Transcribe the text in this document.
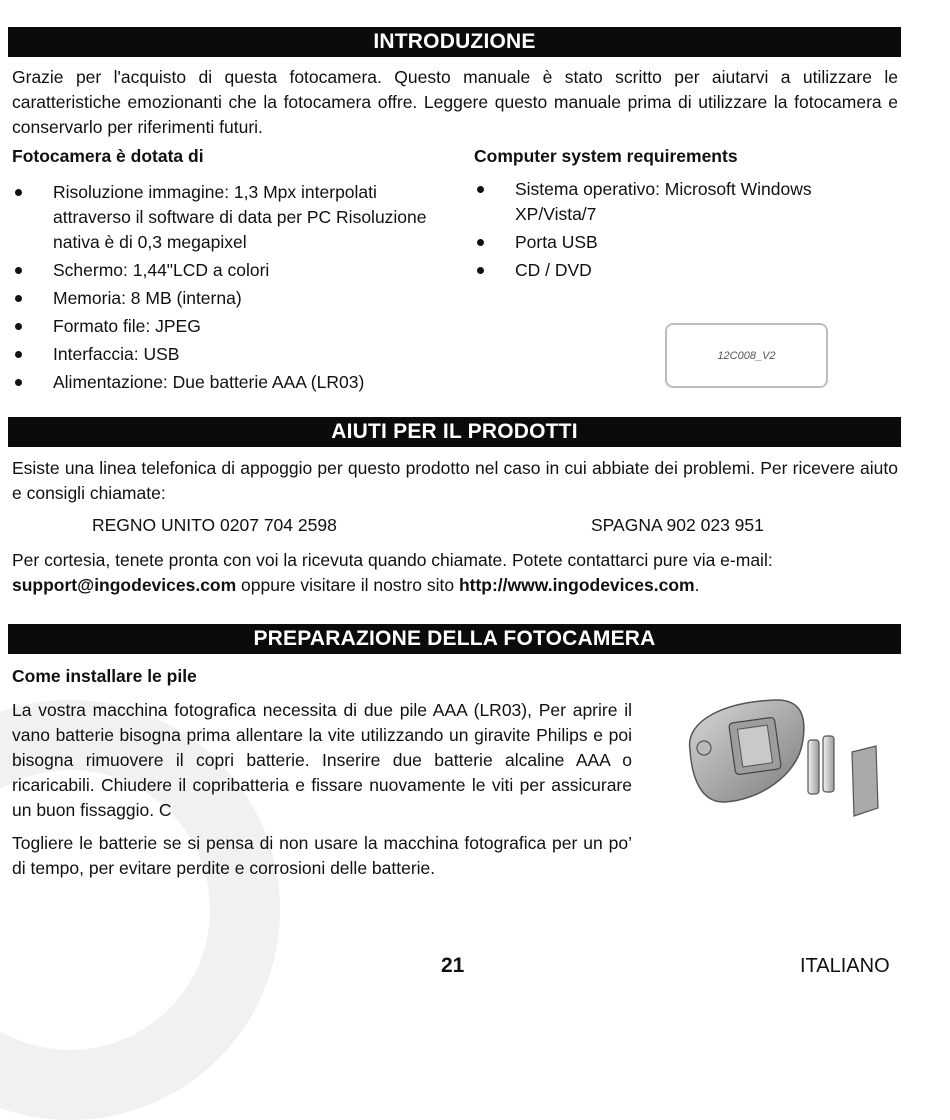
INTRODUZIONE

Grazie per l'acquisto di questa fotocamera. Questo manuale è stato scritto per aiutarvi a utilizzare le caratteristiche emozionanti che la fotocamera offre. Leggere questo manuale prima di utilizzare la fotocamera e conservarlo per riferimenti futuri.

Fotocamera è dotata di
Risoluzione immagine: 1,3 Mpx interpolati attraverso il software di data per PC Risoluzione nativa è di 0,3 megapixel
Schermo: 1,44"LCD a colori
Memoria: 8 MB (interna)
Formato file: JPEG
Interfaccia: USB
Alimentazione: Due batterie AAA (LR03)
Computer system requirements
Sistema operativo: Microsoft Windows XP/Vista/7
Porta USB
CD / DVD
12C008_V2
AIUTI PER IL PRODOTTI

Esiste una linea telefonica di appoggio per questo prodotto nel caso in cui abbiate dei problemi. Per ricevere aiuto e consigli chiamate:

REGNO UNITO 0207 704 2598	SPAGNA 902 023 951

Per cortesia, tenete pronta con voi la ricevuta quando chiamate. Potete contattarci pure via e-mail:
support@ingodevices.com oppure visitare il nostro sito http://www.ingodevices.com.

PREPARAZIONE DELLA FOTOCAMERA
Come installare le pile

La vostra macchina fotografica necessita di due pile AAA (LR03), Per aprire il vano batterie bisogna prima allentare la vite utilizzando un giravite Philips e poi bisogna rimuovere il copri batterie. Inserire due batterie alcaline AAA o ricaricabili. Chiudere il copribatteria e fissare nuovamente le viti per assicurare un buon fissaggio. C

Togliere le batterie se si pensa di non usare la macchina fotografica per un po’ di tempo, per evitare perdite e corrosioni delle batterie.

21	ITALIANO
